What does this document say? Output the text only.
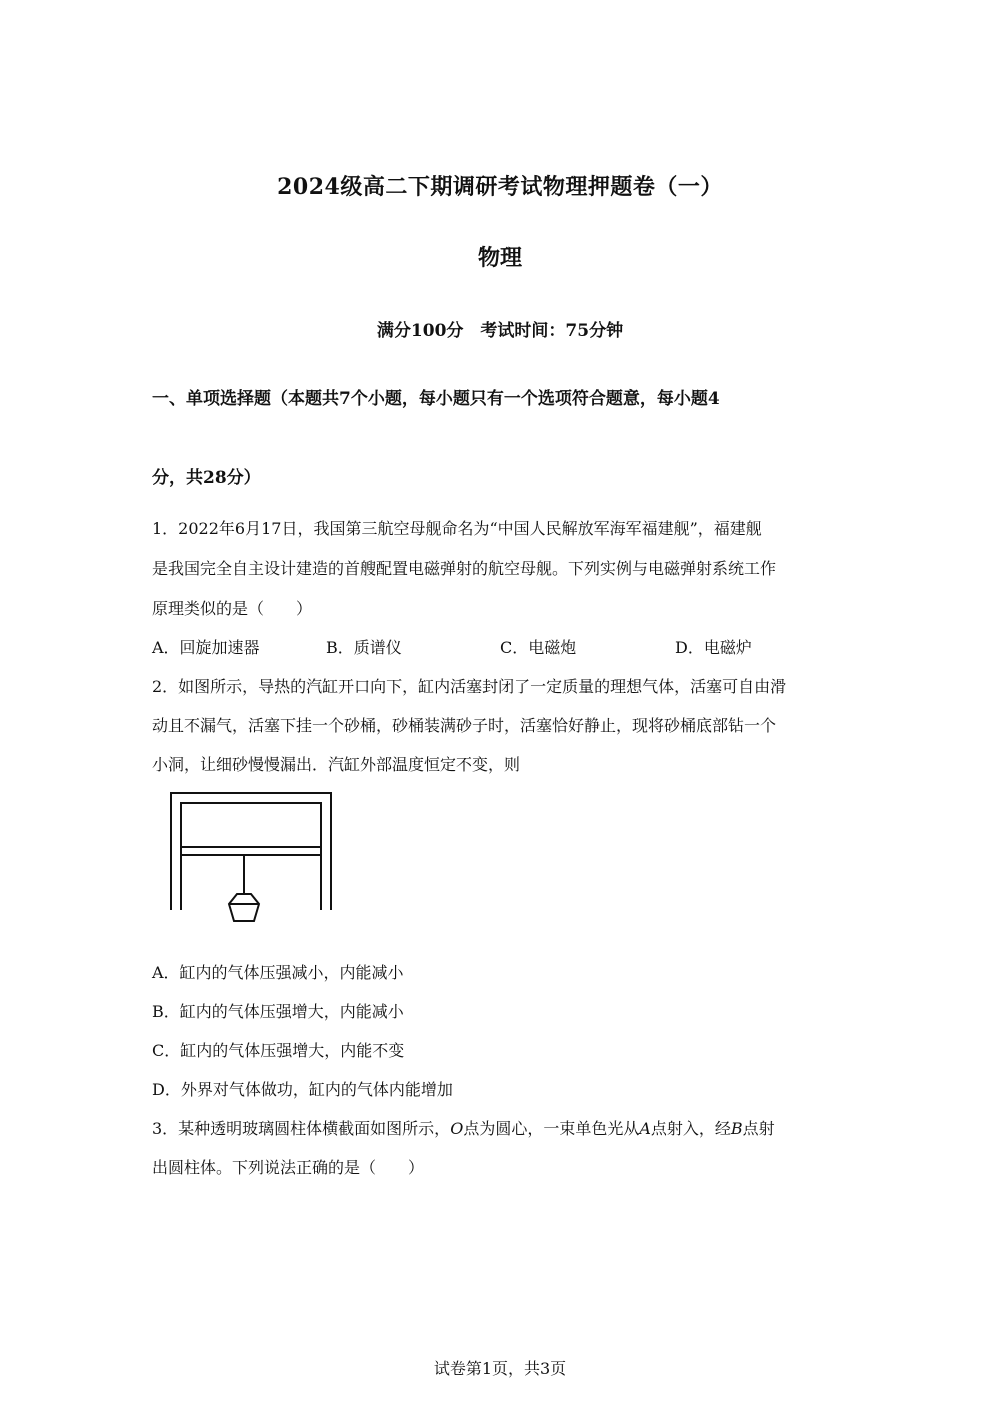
2024级高二下期调研考试物理押题卷（一）
物理
满分100分　考试时间：75分钟
一、单项选择题（本题共7个小题，每小题只有一个选项符合题意，每小题4
分，共28分）
1．2022年6月17日，我国第三航空母舰命名为“中国人民解放军海军福建舰”，福建舰
是我国完全自主设计建造的首艘配置电磁弹射的航空母舰。下列实例与电磁弹射系统工作
原理类似的是（　　）
A．回旋加速器	B．质谱仪	C．电磁炮	D．电磁炉
2．如图所示，导热的汽缸开口向下，缸内活塞封闭了一定质量的理想气体，活塞可自由滑
动且不漏气，活塞下挂一个砂桶，砂桶装满砂子时，活塞恰好静止，现将砂桶底部钻一个
小洞，让细砂慢慢漏出．汽缸外部温度恒定不变，则
A．缸内的气体压强减小，内能减小
B．缸内的气体压强增大，内能减小
C．缸内的气体压强增大，内能不变
D．外界对气体做功，缸内的气体内能增加
3．某种透明玻璃圆柱体横截面如图所示，O点为圆心，一束单色光从A点射入，经B点射
出圆柱体。下列说法正确的是（　　）
试卷第1页，共3页
